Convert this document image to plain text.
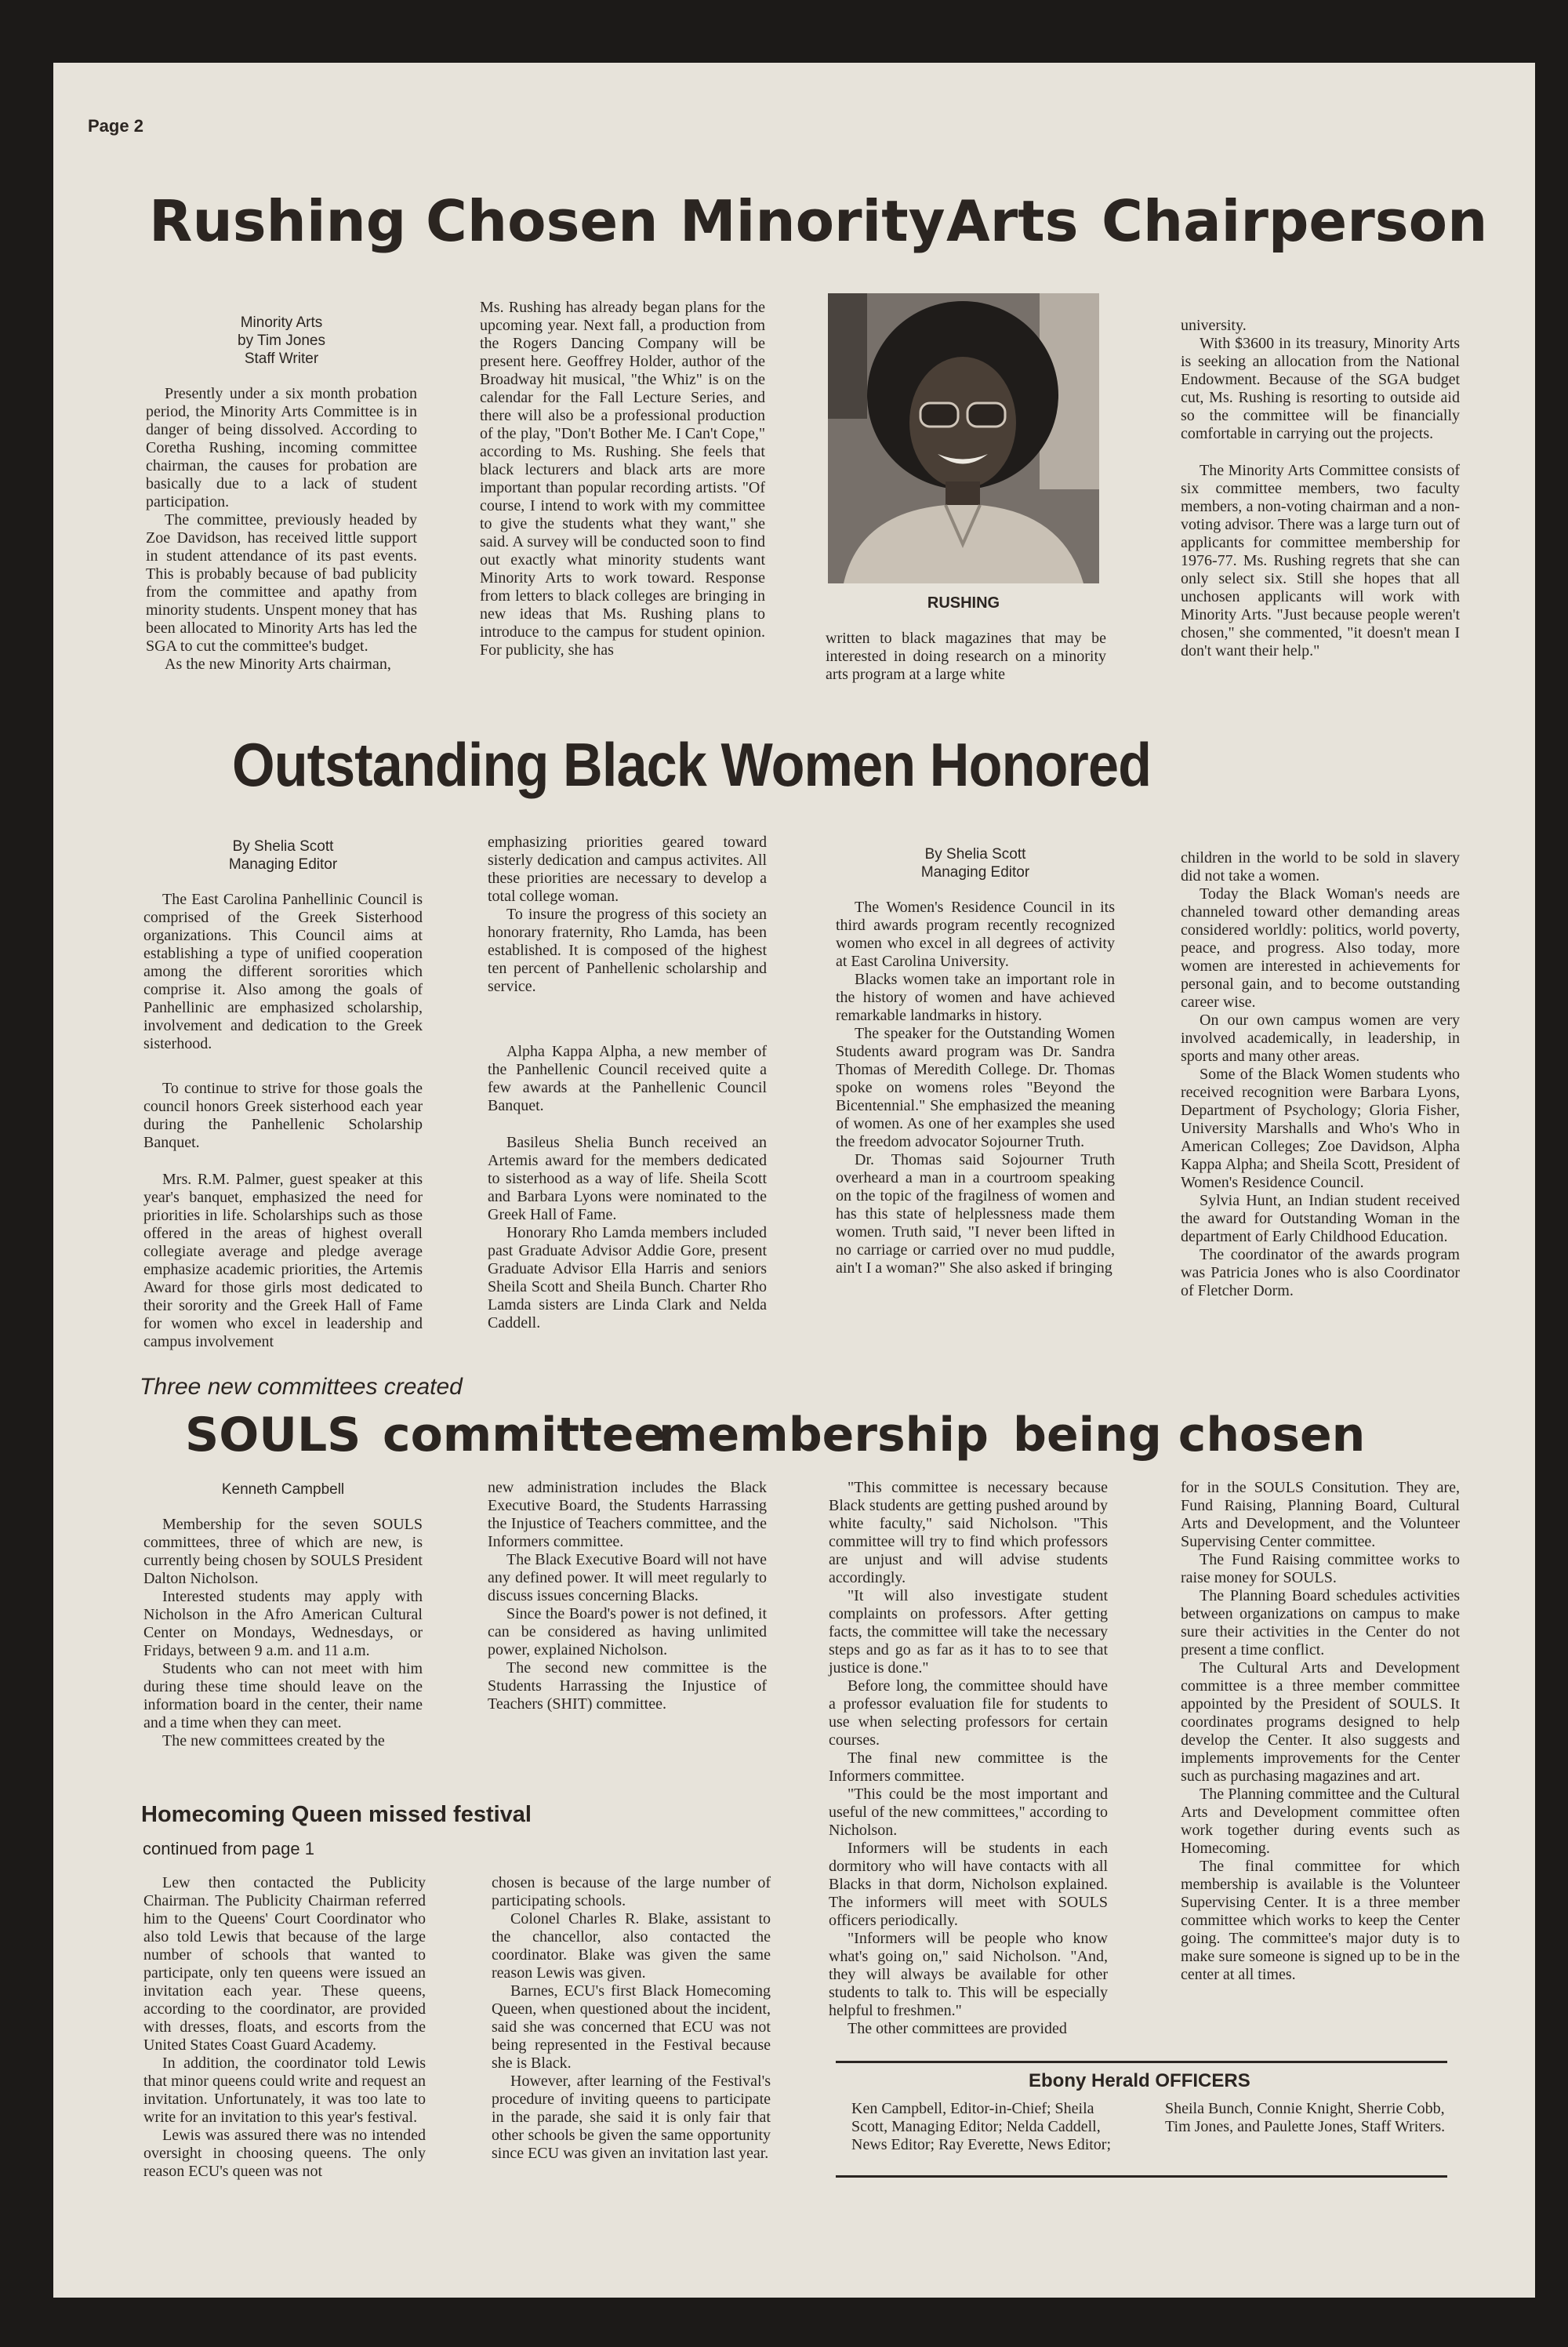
Page 2
Rushing Chosen Minority Arts Chairperson
Minority Arts
by Tim Jones
Staff Writer

Presently under a six month probation period, the Minority Arts Committee is in danger of being dissolved. According to Coretha Rushing, incoming committee chairman, the causes for probation are basically due to a lack of student participation.

The committee, previously headed by Zoe Davidson, has received little support in student attendance of its past events. This is probably because of bad publicity from the committee and apathy from minority students. Unspent money that has been allocated to Minority Arts has led the SGA to cut the committee's budget.

As the new Minority Arts chairman,

Ms. Rushing has already began plans for the upcoming year. Next fall, a production from the Rogers Dancing Company will be present here. Geoffrey Holder, author of the Broadway hit musical, "the Whiz" is on the calendar for the Fall Lecture Series, and there will also be a professional production of the play, "Don't Bother Me. I Can't Cope," according to Ms. Rushing. She feels that black lecturers and black arts are more important than popular recording artists. "Of course, I intend to work with my committee to give the students what they want," she said. A survey will be conducted soon to find out exactly what minority students want Minority Arts to work toward. Response from letters to black colleges are bringing in new ideas that Ms. Rushing plans to introduce to the campus for student opinion. For publicity, she has

RUSHING

written to black magazines that may be interested in doing research on a minority arts program at a large white

university.

With $3600 in its treasury, Minority Arts is seeking an allocation from the National Endowment. Because of the SGA budget cut, Ms. Rushing is resorting to outside aid so the committee will be financially comfortable in carrying out the projects.

The Minority Arts Committee consists of six committee members, two faculty members, a non-voting chairman and a non-voting advisor. There was a large turn out of applicants for committee membership for 1976-77. Ms. Rushing regrets that she can only select six. Still she hopes that all unchosen applicants will work with Minority Arts. "Just because people weren't chosen," she commented, "it doesn't mean I don't want their help."

Outstanding Black Women Honored
By Shelia Scott
Managing Editor

The East Carolina Panhellinic Council is comprised of the Greek Sisterhood organizations. This Council aims at establishing a type of unified cooperation among the different sororities which comprise it. Also among the goals of Panhellinic are emphasized scholarship, involvement and dedication to the Greek sisterhood.

To continue to strive for those goals the council honors Greek sisterhood each year during the Panhellenic Scholarship Banquet.

Mrs. R.M. Palmer, guest speaker at this year's banquet, emphasized the need for priorities in life. Scholarships such as those offered in the areas of highest overall collegiate average and pledge average emphasize academic priorities, the Artemis Award for those girls most dedicated to their sorority and the Greek Hall of Fame for women who excel in leadership and campus involvement

emphasizing priorities geared toward sisterly dedication and campus activites. All these priorities are necessary to develop a total college woman.

To insure the progress of this society an honorary fraternity, Rho Lamda, has been established. It is composed of the highest ten percent of Panhellenic scholarship and service.

Alpha Kappa Alpha, a new member of the Panhellenic Council received quite a few awards at the Panhellenic Council Banquet.

Basileus Shelia Bunch received an Artemis award for the members dedicated to sisterhood as a way of life. Sheila Scott and Barbara Lyons were nominated to the Greek Hall of Fame.

Honorary Rho Lamda members included past Graduate Advisor Addie Gore, present Graduate Advisor Ella Harris and seniors Sheila Scott and Sheila Bunch. Charter Rho Lamda sisters are Linda Clark and Nelda Caddell.

By Shelia Scott
Managing Editor

The Women's Residence Council in its third awards program recently recognized women who excel in all degrees of activity at East Carolina University.

Blacks women take an important role in the history of women and have achieved remarkable landmarks in history.

The speaker for the Outstanding Women Students award program was Dr. Sandra Thomas of Meredith College. Dr. Thomas spoke on womens roles "Beyond the Bicentennial." She emphasized the meaning of women. As one of her examples she used the freedom advocator Sojourner Truth.

Dr. Thomas said Sojourner Truth overheard a man in a courtroom speaking on the topic of the fragilness of women and has this state of helplessness made them women. Truth said, "I never been lifted in no carriage or carried over no mud puddle, ain't I a woman?" She also asked if bringing

children in the world to be sold in slavery did not take a women.

Today the Black Woman's needs are channeled toward other demanding areas considered worldly: politics, world poverty, peace, and progress. Also today, more women are interested in achievements for personal gain, and to become outstanding career wise.

On our own campus women are very involved academically, in leadership, in sports and many other areas.

Some of the Black Women students who received recognition were Barbara Lyons, Department of Psychology; Gloria Fisher, University Marshalls and Who's Who in American Colleges; Zoe Davidson, Alpha Kappa Alpha; and Sheila Scott, President of Women's Residence Council.

Sylvia Hunt, an Indian student received the award for Outstanding Woman in the department of Early Childhood Education.

The coordinator of the awards program was Patricia Jones who is also Coordinator of Fletcher Dorm.

Three new committees created
SOULS committee
membership being chosen
Kenneth Campbell

Membership for the seven SOULS committees, three of which are new, is currently being chosen by SOULS President Dalton Nicholson.

Interested students may apply with Nicholson in the Afro American Cultural Center on Mondays, Wednesdays, or Fridays, between 9 a.m. and 11 a.m.

Students who can not meet with him during these time should leave on the information board in the center, their name and a time when they can meet.

The new committees created by the

new administration includes the Black Executive Board, the Students Harrassing the Injustice of Teachers committee, and the Informers committee.

The Black Executive Board will not have any defined power. It will meet regularly to discuss issues concerning Blacks.

Since the Board's power is not defined, it can be considered as having unlimited power, explained Nicholson.

The second new committee is the Students Harrassing the Injustice of Teachers (SHIT) committee.

"This committee is necessary because Black students are getting pushed around by white faculty," said Nicholson. "This committee will try to find which professors are unjust and will advise students accordingly.

"It will also investigate student complaints on professors. After getting facts, the committee will take the necessary steps and go as far as it has to to see that justice is done."

Before long, the committee should have a professor evaluation file for students to use when selecting professors for certain courses.

The final new committee is the Informers committee.

"This could be the most important and useful of the new committees," according to Nicholson.

Informers will be students in each dormitory who will have contacts with all Blacks in that dorm, Nicholson explained. The informers will meet with SOULS officers periodically.

"Informers will be people who know what's going on," said Nicholson. "And, they will always be available for other students to talk to. This will be especially helpful to freshmen."

The other committees are provided

for in the SOULS Consitution. They are, Fund Raising, Planning Board, Cultural Arts and Development, and the Volunteer Supervising Center committee.

The Fund Raising committee works to raise money for SOULS.

The Planning Board schedules activities between organizations on campus to make sure their activities in the Center do not present a time conflict.

The Cultural Arts and Development committee is a three member committee appointed by the President of SOULS. It coordinates programs designed to help develop the Center. It also suggests and implements improvements for the Center such as purchasing magazines and art.

The Planning committee and the Cultural Arts and Development committee often work together during events such as Homecoming.

The final committee for which membership is available is the Volunteer Supervising Center. It is a three member committee which works to keep the Center going. The committee's major duty is to make sure someone is signed up to be in the center at all times.

Homecoming Queen missed festival
continued from page 1

Lew then contacted the Publicity Chairman. The Publicity Chairman referred him to the Queens' Court Coordinator who also told Lewis that because of the large number of schools that wanted to participate, only ten queens were issued an invitation each year. These queens, according to the coordinator, are provided with dresses, floats, and escorts from the United States Coast Guard Academy.

In addition, the coordinator told Lewis that minor queens could write and request an invitation. Unfortunately, it was too late to write for an invitation to this year's festival.

Lewis was assured there was no intended oversight in choosing queens. The only reason ECU's queen was not

chosen is because of the large number of participating schools.

Colonel Charles R. Blake, assistant to the chancellor, also contacted the coordinator. Blake was given the same reason Lewis was given.

Barnes, ECU's first Black Homecoming Queen, when questioned about the incident, said she was concerned that ECU was not being represented in the Festival because she is Black.

However, after learning of the Festival's procedure of inviting queens to participate in the parade, she said it is only fair that other schools be given the same opportunity since ECU was given an invitation last year.

Ebony Herald OFFICERS

Ken Campbell, Editor-in-Chief; Sheila Scott, Managing Editor; Nelda Caddell, News Editor; Ray Everette, News Editor;

Sheila Bunch, Connie Knight, Sherrie Cobb, Tim Jones, and Paulette Jones, Staff Writers.
